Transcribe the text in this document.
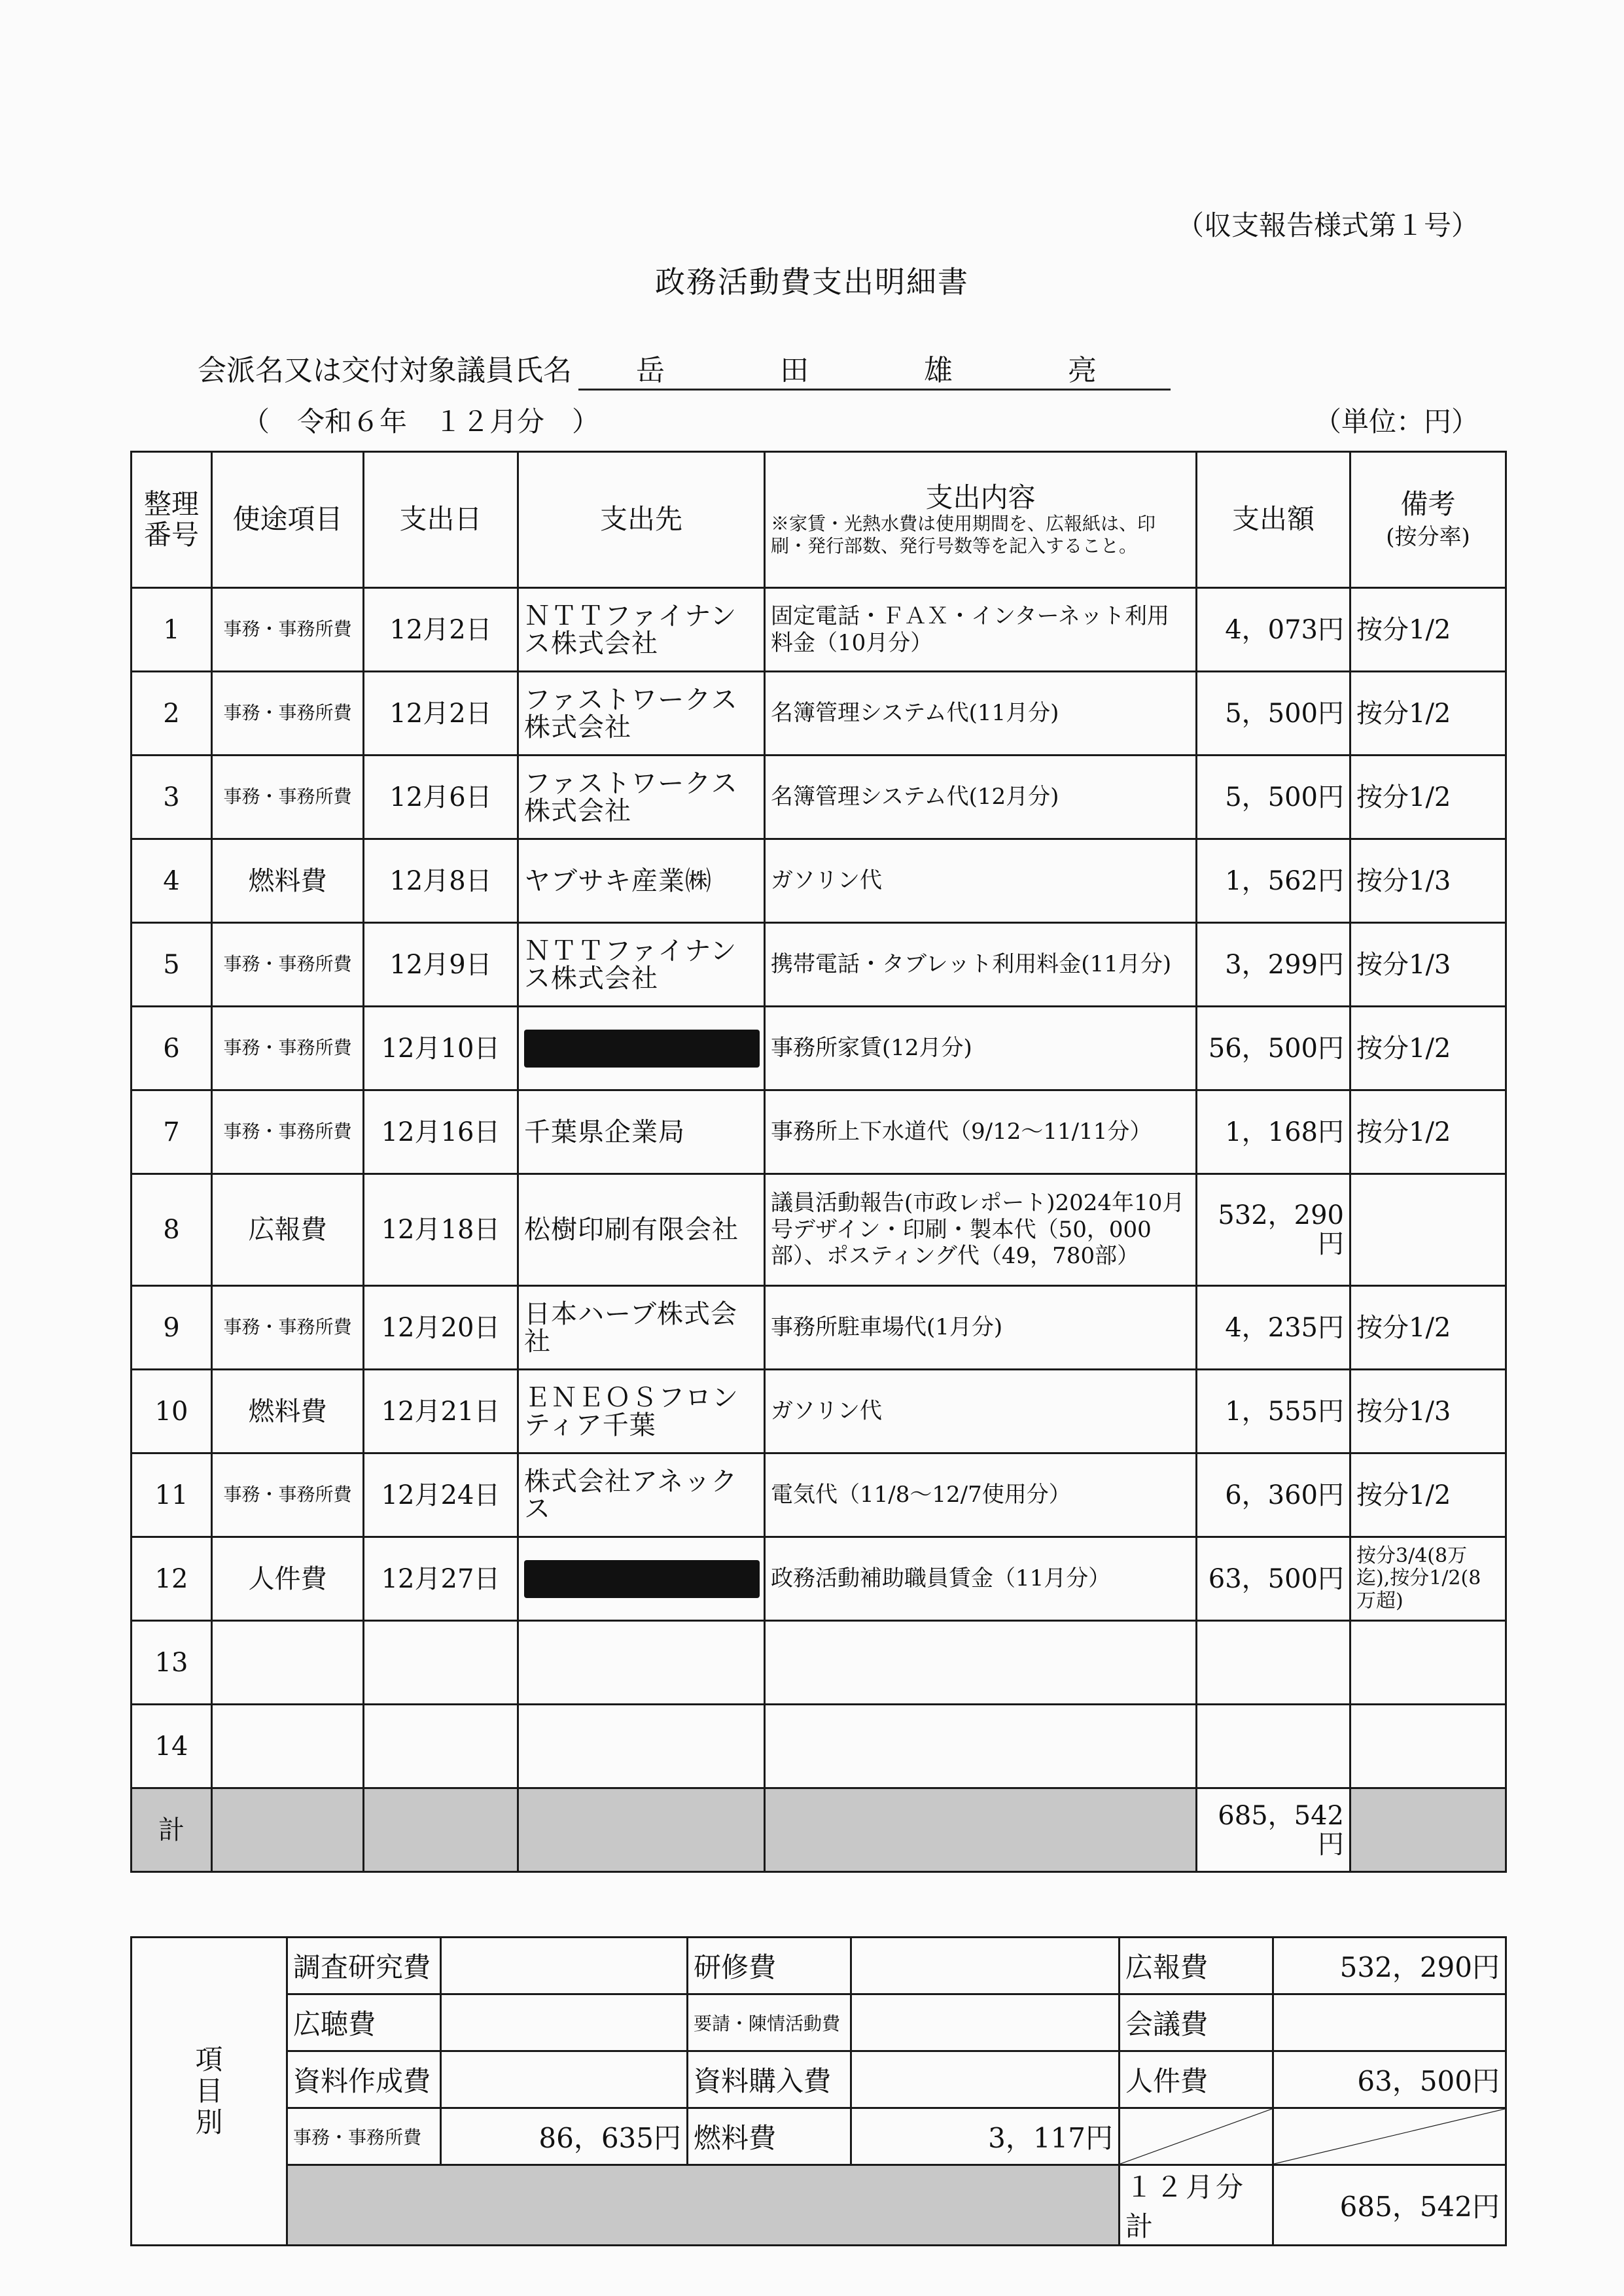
（収支報告様式第１号）
政務活動費支出明細書
会派名又は交付対象議員氏名 岳	田	雄	亮
（　令和６年　１２月分　）	（単位：円）
整理番号	使途項目	支出日	支出先	支出内容
※家賃・光熱水費は使用期間を、広報紙は、印刷・発行部数、発行号数等を記入すること。	支出額	備考
(按分率)
1	事務・事務所費	12月2日	ＮＴＴファイナンス株式会社	固定電話・ＦＡＸ・インターネット利用料金（10月分）	4，073円	按分1/2
2	事務・事務所費	12月2日	ファストワークス株式会社	名簿管理システム代(11月分)	5，500円	按分1/2
3	事務・事務所費	12月6日	ファストワークス株式会社	名簿管理システム代(12月分)	5，500円	按分1/2
4	燃料費	12月8日	ヤブサキ産業㈱	ガソリン代	1，562円	按分1/3
5	事務・事務所費	12月9日	ＮＴＴファイナンス株式会社	携帯電話・タブレット利用料金(11月分)	3，299円	按分1/3
6	事務・事務所費	12月10日		事務所家賃(12月分)	56，500円	按分1/2
7	事務・事務所費	12月16日	千葉県企業局	事務所上下水道代（9/12～11/11分）	1，168円	按分1/2
8	広報費	12月18日	松樹印刷有限会社	議員活動報告(市政レポート)2024年10月号デザイン・印刷・製本代（50，000部）、ポスティング代（49，780部）	532，290円	
9	事務・事務所費	12月20日	日本ハーブ株式会社	事務所駐車場代(1月分)	4，235円	按分1/2
10	燃料費	12月21日	ＥＮＥＯＳフロンティア千葉	ガソリン代	1，555円	按分1/3
11	事務・事務所費	12月24日	株式会社アネックス	電気代（11/8～12/7使用分）	6，360円	按分1/2
12	人件費	12月27日		政務活動補助職員賃金（11月分）	63，500円	按分3/4(8万迄),按分1/2(8万超)
13						
14						
計					685，542円	
項目別	調査研究費		研修費		広報費	532，290円
	広聴費		要請・陳情活動費		会議費	
	資料作成費		資料購入費		人件費	63，500円
	事務・事務所費	86，635円	燃料費	3，117円	

					１２月分計	685，542円
